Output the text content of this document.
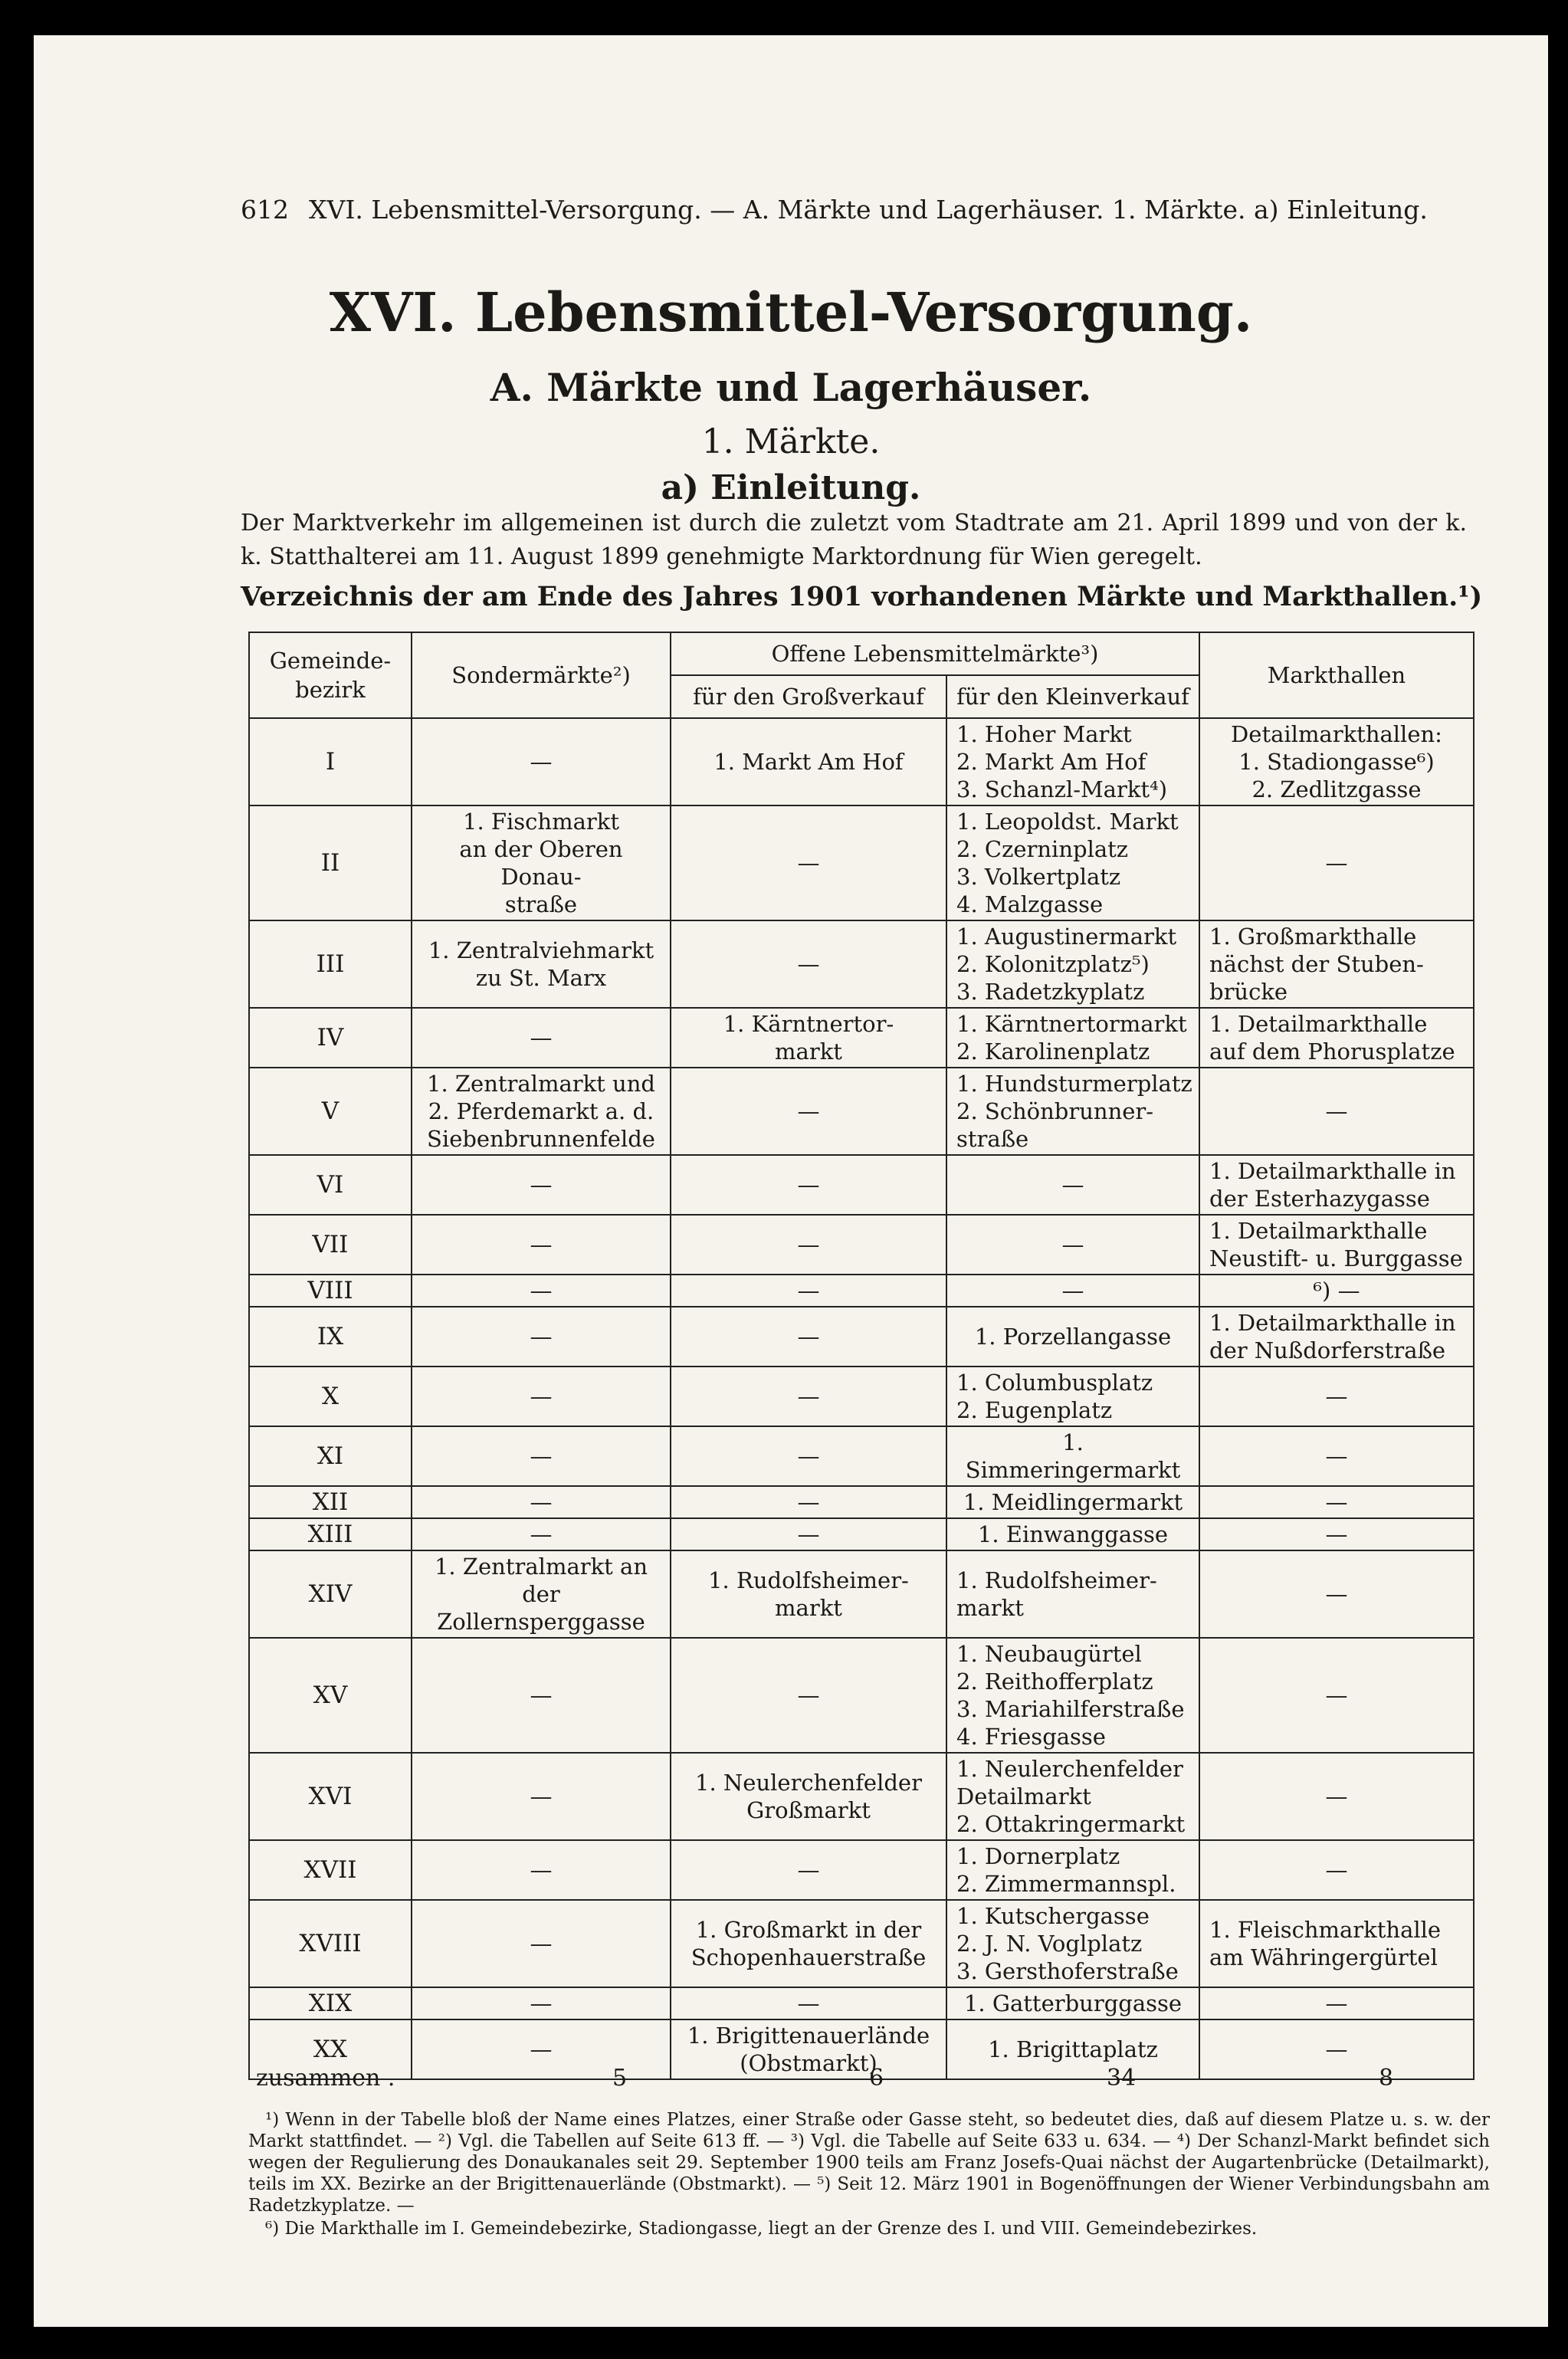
612 XVI. Lebensmittel-Versorgung. — A. Märkte und Lagerhäuser. 1. Märkte. a) Einleitung.
XVI. Lebensmittel-Versorgung.
A. Märkte und Lagerhäuser.
1. Märkte.
a) Einleitung.
Der Marktverkehr im allgemeinen ist durch die zuletzt vom Stadtrate am 21. April 1899 und von der k. k. Statthalterei am 11. August 1899 genehmigte Marktordnung für Wien geregelt.
Verzeichnis der am Ende des Jahres 1901 vorhandenen Märkte und Markthallen.¹)
Gemeinde-bezirk	Sondermärkte²)	Offene Lebensmittelmärkte³)		Markthallen
		für den Großverkauf	für den Kleinverkauf	
I	—	1. Markt Am Hof	1. Hoher Markt
2. Markt Am Hof
3. Schanzl-Markt⁴)	Detailmarkthallen:
1. Stadiongasse⁶)
2. Zedlitzgasse
II	1. Fischmarkt
an der Oberen Donau-
straße	—	1. Leopoldst. Markt
2. Czerninplatz
3. Volkertplatz
4. Malzgasse	—
III	1. Zentralviehmarkt
zu St. Marx	—	1. Augustinermarkt
2. Kolonitzplatz⁵)
3. Radetzkyplatz	1. Großmarkthalle
nächst der Stuben-
brücke
IV	—	1. Kärntnertor-
markt	1. Kärntnertormarkt
2. Karolinenplatz	1. Detailmarkthalle
auf dem Phorusplatze
V	1. Zentralmarkt und
2. Pferdemarkt a. d.
Siebenbrunnenfelde	—	1. Hundsturmerplatz
2. Schönbrunner-
straße	—
VI	—	—	—	1. Detailmarkthalle in
der Esterhazygasse
VII	—	—	—	1. Detailmarkthalle
Neustift- u. Burggasse
VIII	—	—	—	⁶) —
IX	—	—	1. Porzellangasse	1. Detailmarkthalle in
der Nußdorferstraße
X	—	—	1. Columbusplatz
2. Eugenplatz	—
XI	—	—	1. Simmeringermarkt	—
XII	—	—	1. Meidlingermarkt	—
XIII	—	—	1. Einwanggasse	—
XIV	1. Zentralmarkt an der
Zollernsperggasse	1. Rudolfsheimer-
markt	1. Rudolfsheimer-
markt	—
XV	—	—	1. Neubaugürtel
2. Reithofferplatz
3. Mariahilferstraße
4. Friesgasse	—
XVI	—	1. Neulerchenfelder
Großmarkt	1. Neulerchenfelder
Detailmarkt
2. Ottakringermarkt	—
XVII	—	—	1. Dornerplatz
2. Zimmermannspl.	—
XVIII	—	1. Großmarkt in der
Schopenhauerstraße	1. Kutschergasse
2. J. N. Voglplatz
3. Gersthoferstraße	1. Fleischmarkthalle
am Währingergürtel
XIX	—	—	1. Gatterburggasse	—
XX	—	1. Brigittenauerlände
(Obstmarkt)	1. Brigittaplatz	—
zusammen .	5	6	34	8

¹) Wenn in der Tabelle bloß der Name eines Platzes, einer Straße oder Gasse steht, so bedeutet dies, daß auf diesem Platze u. s. w. der Markt stattfindet. — ²) Vgl. die Tabellen auf Seite 613 ff. — ³) Vgl. die Tabelle auf Seite 633 u. 634. — ⁴) Der Schanzl-Markt befindet sich wegen der Regulierung des Donaukanales seit 29. September 1900 teils am Franz Josefs-Quai nächst der Augartenbrücke (Detailmarkt), teils im XX. Bezirke an der Brigittenauerlände (Obstmarkt). — ⁵) Seit 12. März 1901 in Bogenöffnungen der Wiener Verbindungsbahn am Radetzkyplatze. —

⁶) Die Markthalle im I. Gemeindebezirke, Stadiongasse, liegt an der Grenze des I. und VIII. Gemeindebezirkes.
